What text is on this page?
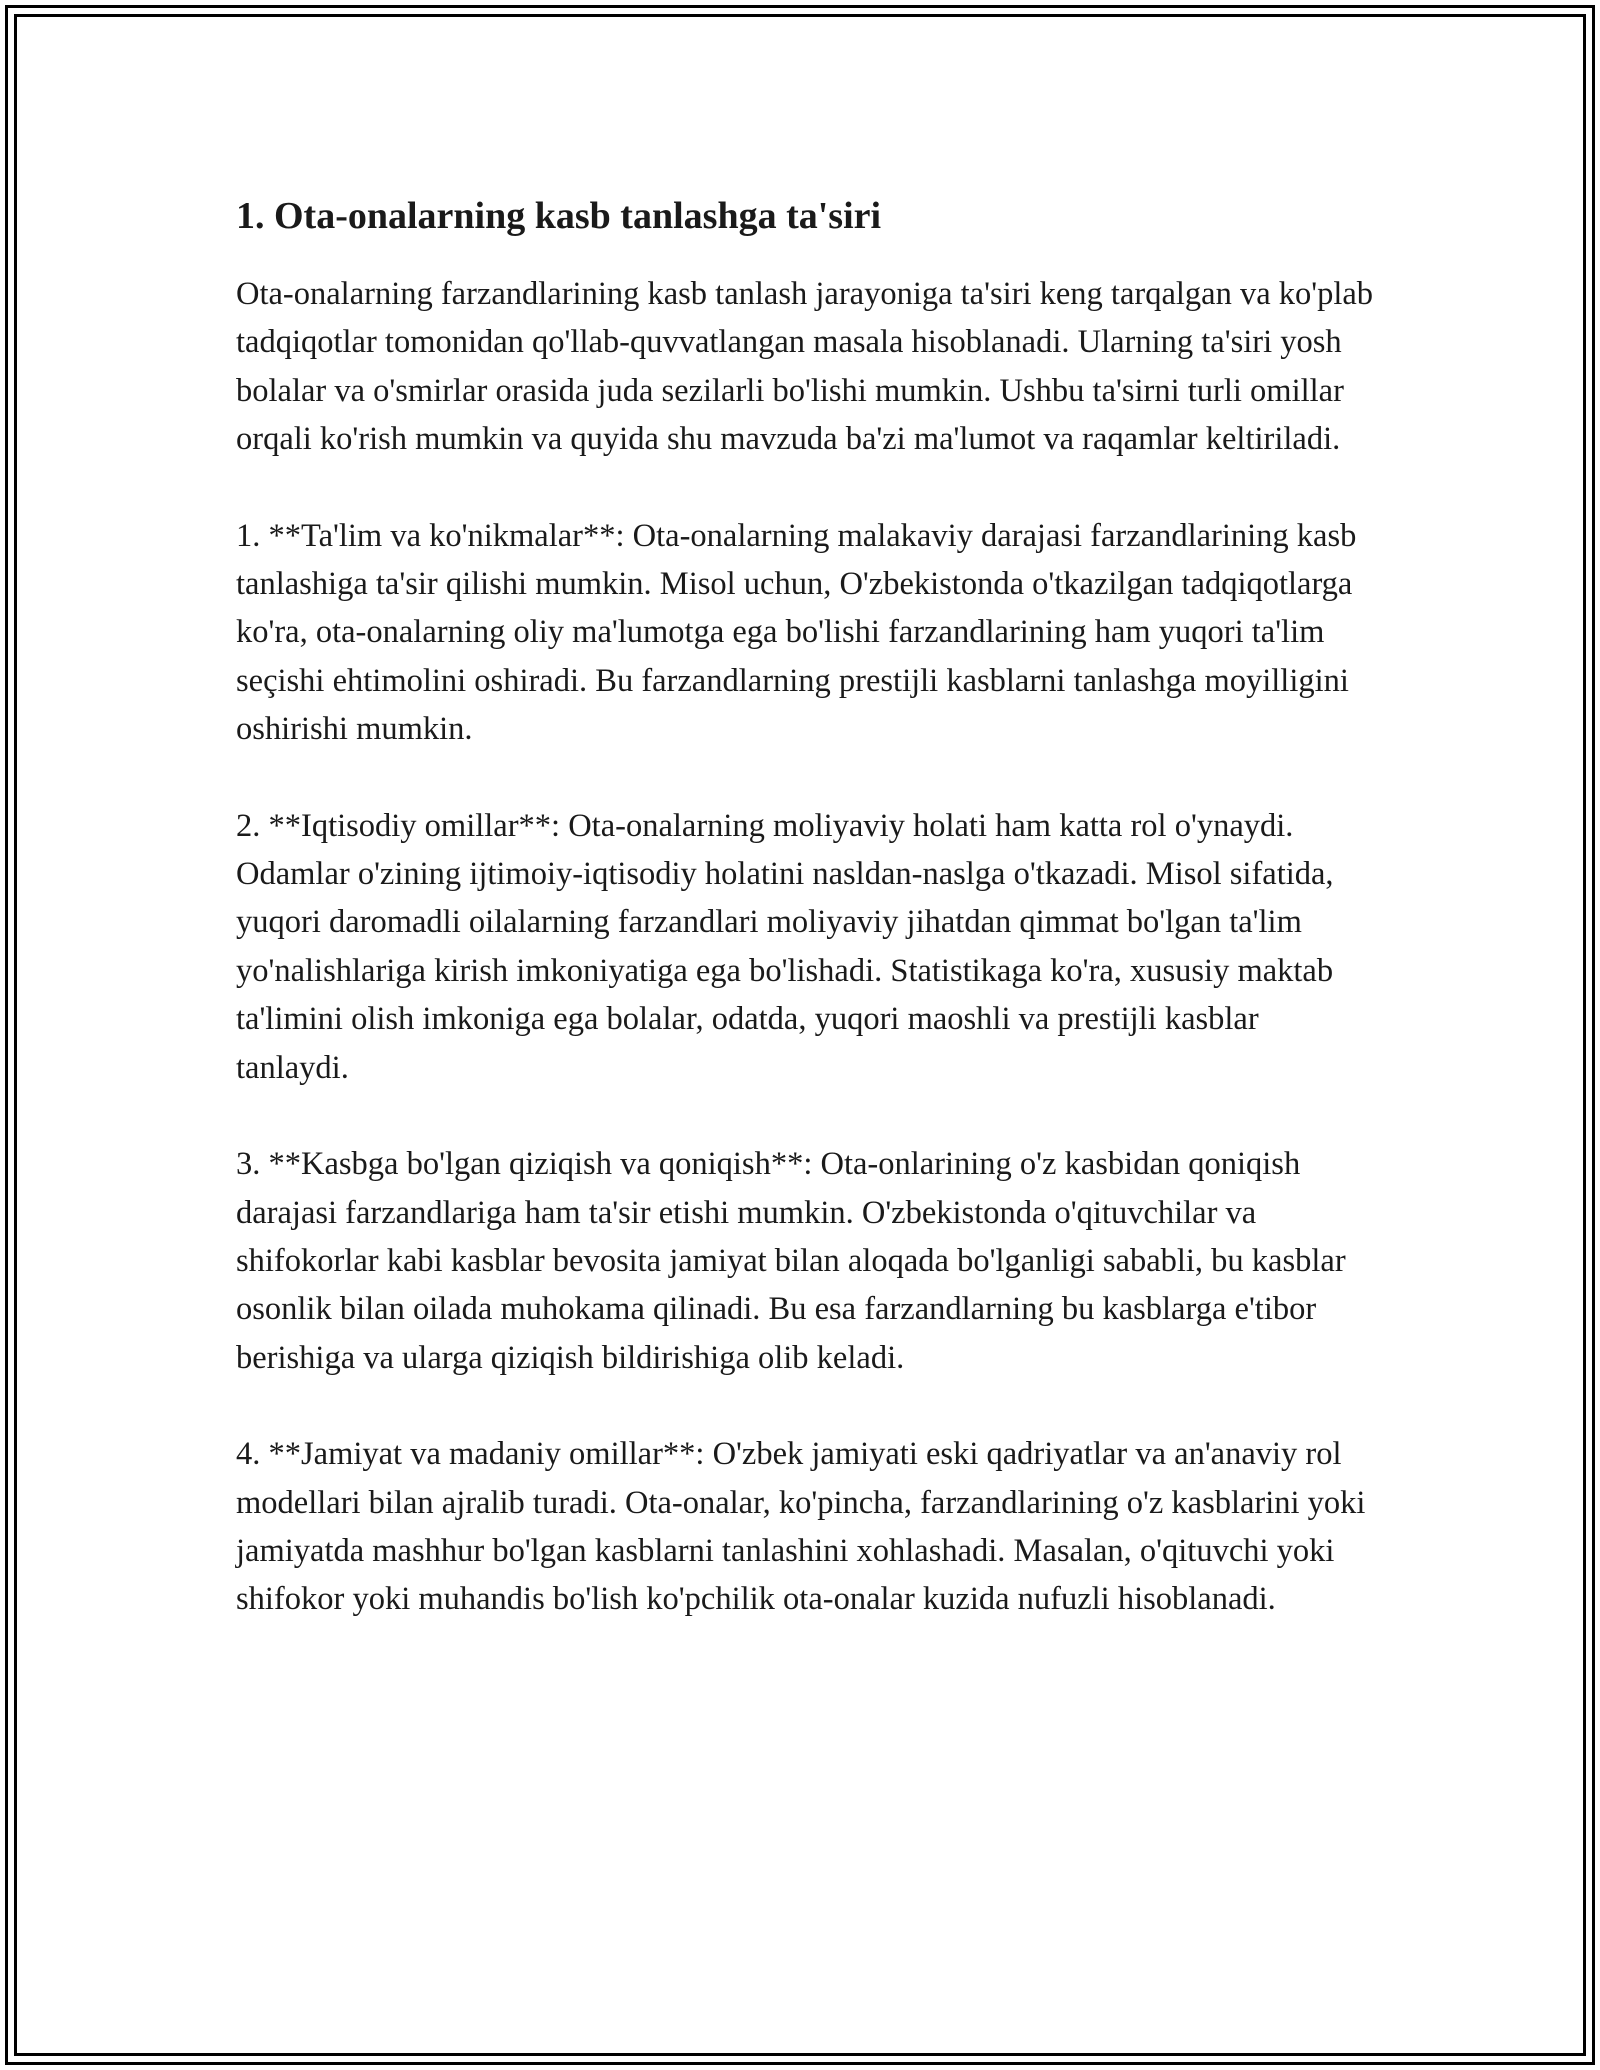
1. Ota-onalarning kasb tanlashga ta'siri

Ota-onalarning farzandlarining kasb tanlash jarayoniga ta'siri keng tarqalgan va ko'plab tadqiqotlar tomonidan qo'llab-quvvatlangan masala hisoblanadi. Ularning ta'siri yosh bolalar va o'smirlar orasida juda sezilarli bo'lishi mumkin. Ushbu ta'sirni turli omillar orqali ko'rish mumkin va quyida shu mavzuda ba'zi ma'lumot va raqamlar keltiriladi.

1. **Ta'lim va ko'nikmalar**: Ota-onalarning malakaviy darajasi farzandlarining kasb tanlashiga ta'sir qilishi mumkin. Misol uchun, O'zbekistonda o'tkazilgan tadqiqotlarga ko'ra, ota-onalarning oliy ma'lumotga ega bo'lishi farzandlarining ham yuqori ta'lim seçishi ehtimolini oshiradi. Bu farzandlarning prestijli kasblarni tanlashga moyilligini oshirishi mumkin.

2. **Iqtisodiy omillar**: Ota-onalarning moliyaviy holati ham katta rol o'ynaydi. Odamlar o'zining ijtimoiy-iqtisodiy holatini nasldan-naslga o'tkazadi. Misol sifatida, yuqori daromadli oilalarning farzandlari moliyaviy jihatdan qimmat bo'lgan ta'lim yo'nalishlariga kirish imkoniyatiga ega bo'lishadi. Statistikaga ko'ra, xususiy maktab ta'limini olish imkoniga ega bolalar, odatda, yuqori maoshli va prestijli kasblar tanlaydi.

3. **Kasbga bo'lgan qiziqish va qoniqish**: Ota-onlarining o'z kasbidan qoniqish darajasi farzandlariga ham ta'sir etishi mumkin. O'zbekistonda o'qituvchilar va shifokorlar kabi kasblar bevosita jamiyat bilan aloqada bo'lganligi sababli, bu kasblar osonlik bilan oilada muhokama qilinadi. Bu esa farzandlarning bu kasblarga e'tibor berishiga va ularga qiziqish bildirishiga olib keladi.

4. **Jamiyat va madaniy omillar**: O'zbek jamiyati eski qadriyatlar va an'anaviy rol modellari bilan ajralib turadi. Ota-onalar, ko'pincha, farzandlarining o'z kasblarini yoki jamiyatda mashhur bo'lgan kasblarni tanlashini xohlashadi. Masalan, o'qituvchi yoki shifokor yoki muhandis bo'lish ko'pchilik ota-onalar kuzida nufuzli hisoblanadi.
